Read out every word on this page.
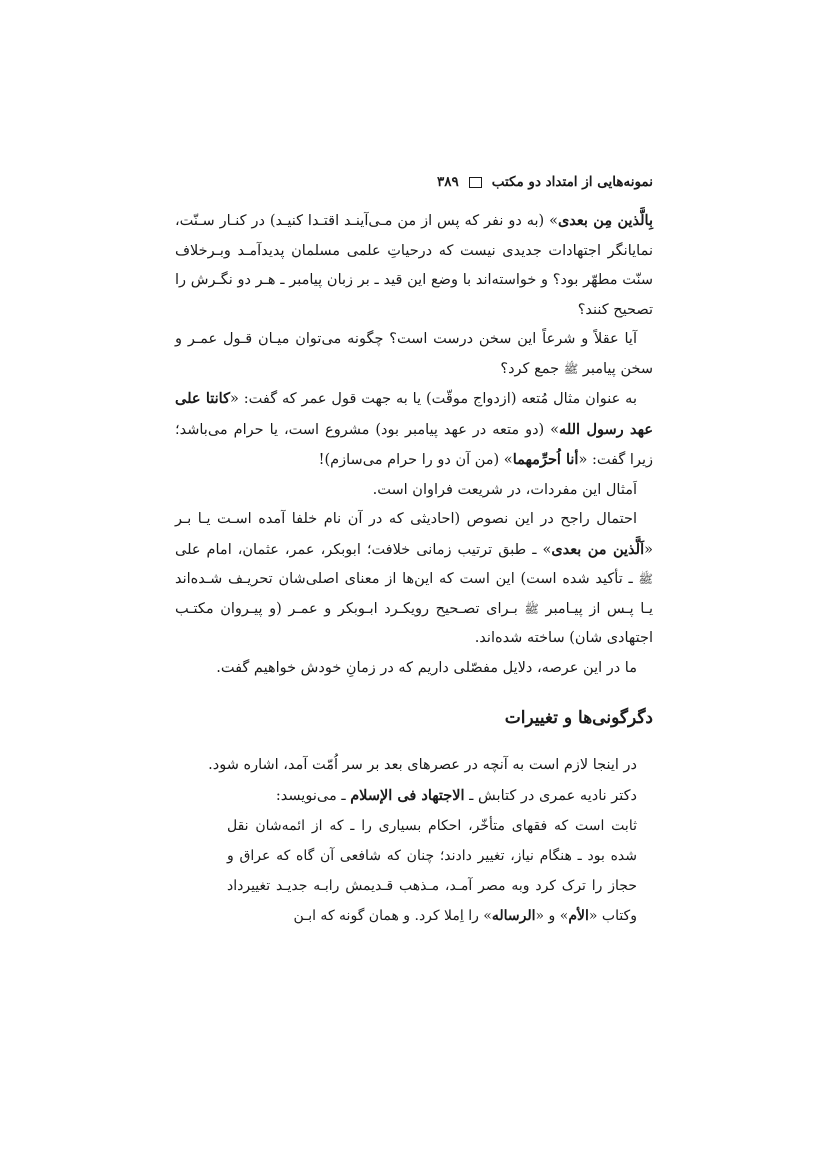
نمونه‌هایی از امتداد دو مکتب
۳۸۹

بِالَّذين مِن بعدی» (به دو نفر که پس از من مـی‌آینـد اقتـدا کنیـد) در کنـار سـنّت، نمایانگر اجتهادات جدیدی نیست که درحیاتِ علمی مسلمان پدیدآمـد وبـرخلاف سنّت مطهّر بود؟ و خواسته‌اند با وضع این قید ـ بر زبان پیامبر ـ هـر دو نگـرش را تصحیح کنند؟

آیا عقلاً و شرعاً این سخن درست است؟ چگونه می‌توان میـان قـول عمـر و سخن پیامبر ﷺ جمع کرد؟

به عنوان مثال مُتعه (ازدواج موقّت) یا به جهت قول عمر که گفت: «کانتا علی عهد رسول الله» (دو متعه در عهد پیامبر بود) مشروع است، یا حرام می‌باشد؛ زیرا گفت: «أنا اُحرِّمهما» (من آن دو را حرام می‌سازم)!

اَمثال این مفردات، در شریعت فراوان است.

احتمال راجح در این نصوص (احادیثی که در آن نام خلفا آمده اسـت یـا بـر «اَلَّذین من بعدی» ـ طبق ترتیب زمانی خلافت؛ ابوبکر، عمر، عثمان، امام علی ﷺ ـ تأکید شده است) این است که این‌ها از معنای اصلی‌شان تحریـف شـده‌اند یـا پـس از پیـامبر ﷺ بـرای تصـحیح رویکـرد ابـوبکر و عمـر (و پیـروان مکتـب اجتهادی شان) ساخته شده‌اند.

ما در این عرصه، دلایل مفصّلی داریم که در زمانِ خودش خواهیم گفت.

دگرگونی‌ها و تغییرات

در اینجا لازم است به آنچه در عصرهای بعد بر سر اُمّت آمد، اشاره شود.

دکتر نادیه عمری در کتابش ـ الاجتهاد فی الإسلام ـ می‌نویسد:

ثابت است که فقهای متأخّر، احکام بسیاری را ـ که از ائمه‌شان نقل شده بود ـ هنگام نیاز، تغییر دادند؛ چنان که شافعی آن گاه که عراق و حجاز را ترک کرد وبه مصر آمـد، مـذهب قـدیمش رابـه جدیـد تغییرداد وکتاب «الأم» و «الرساله» را اِملا کرد. و همان گونه که ابـن
